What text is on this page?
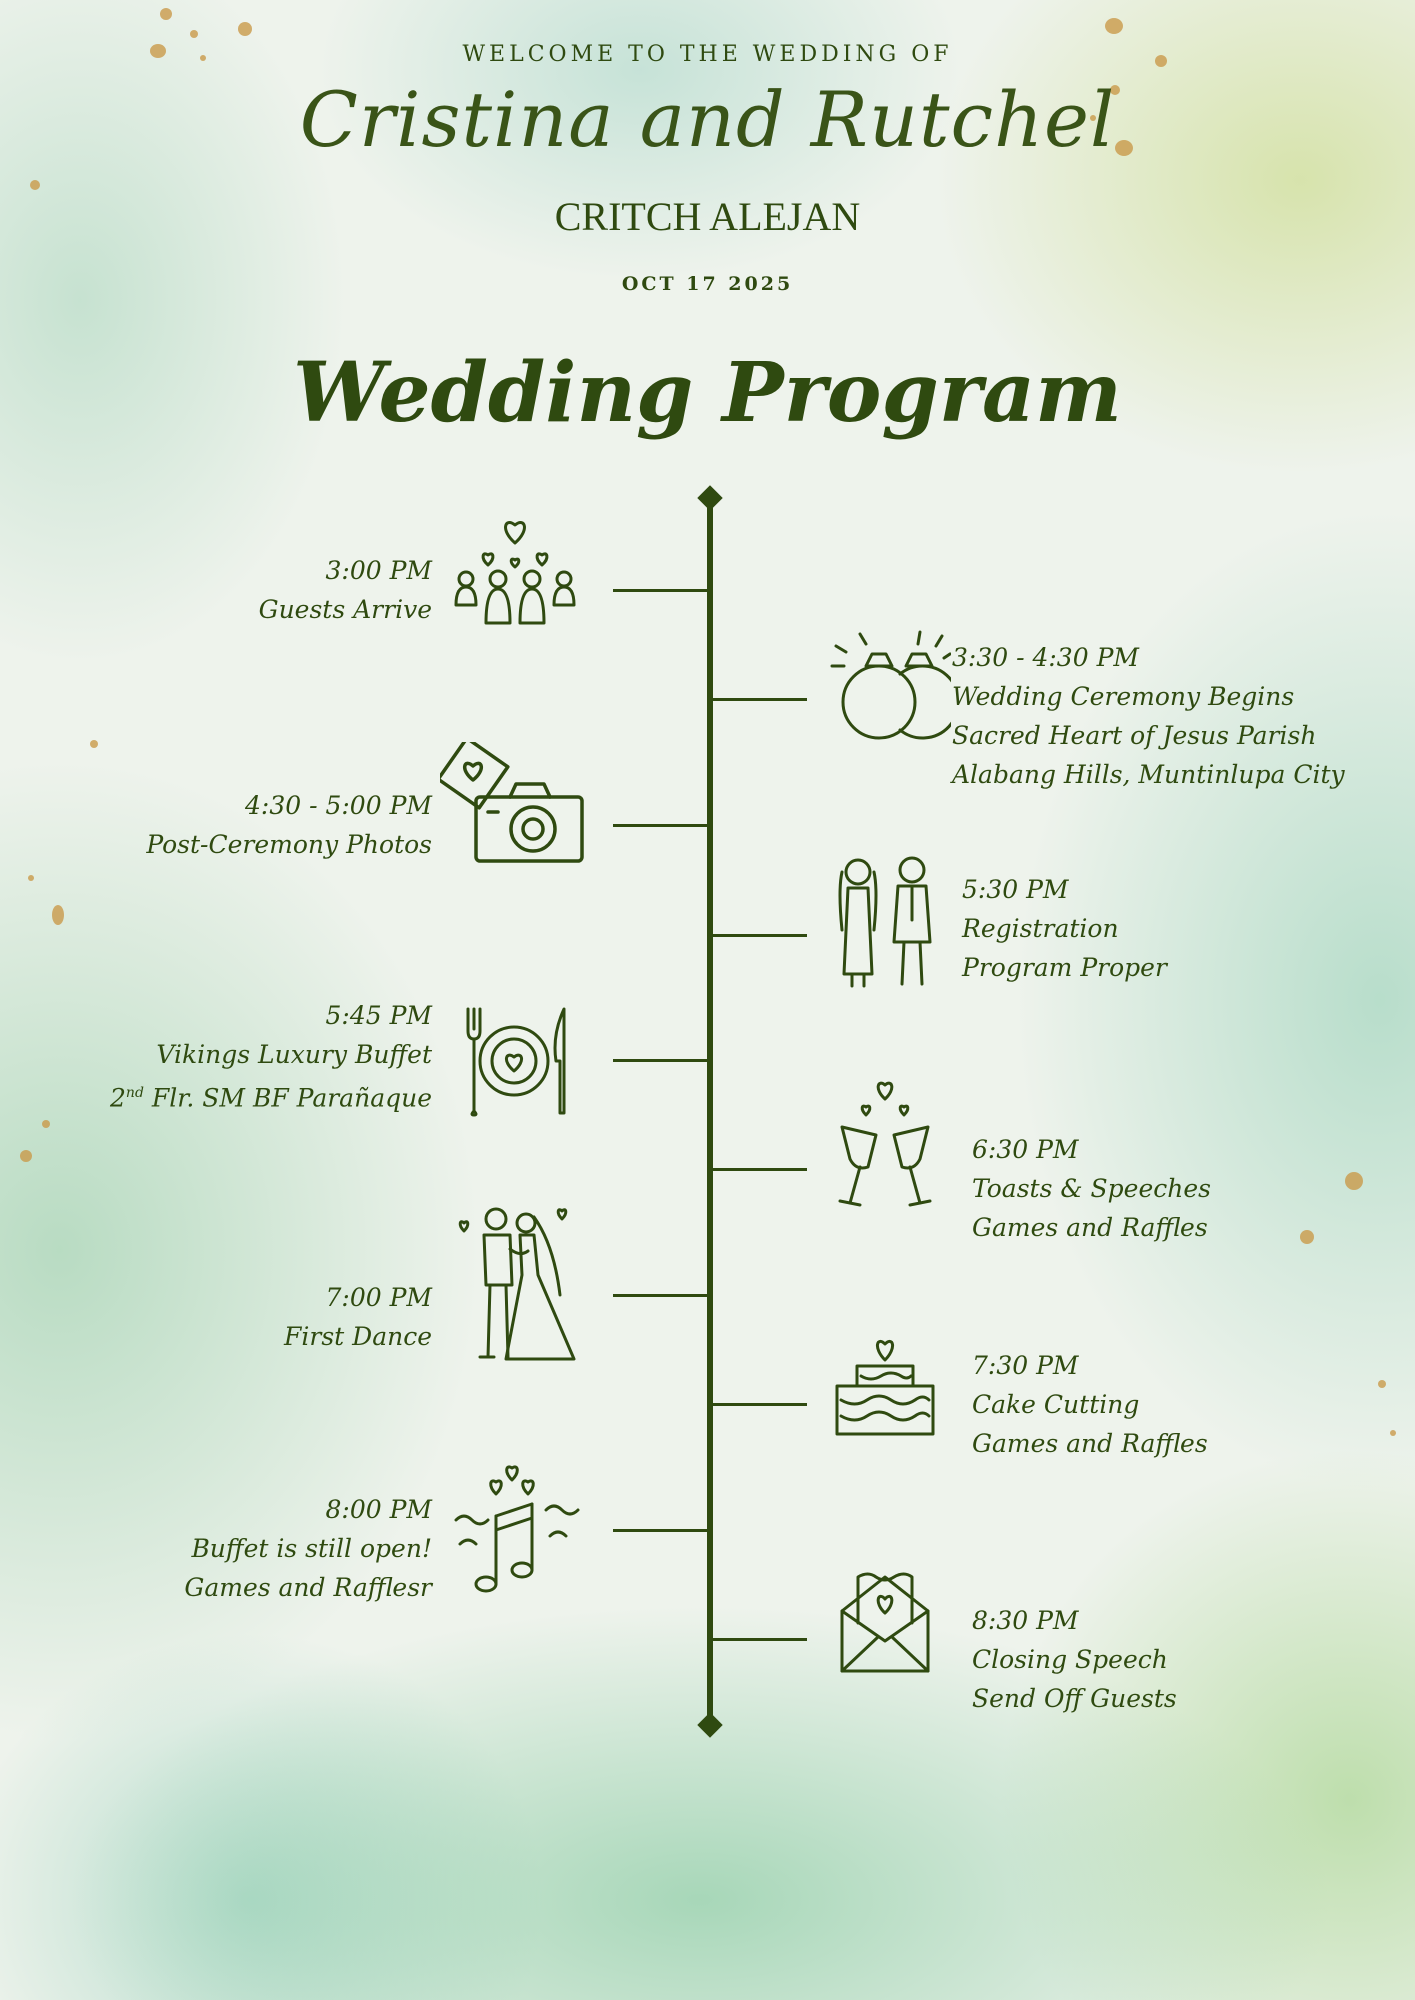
WELCOME TO THE WEDDING OF
Cristina and Rutchel
CRITCH ALEJAN
OCT 17 2025
Wedding Program
3:00 PM
Guests Arrive
3:30 - 4:30 PM
Wedding Ceremony Begins
Sacred Heart of Jesus Parish
Alabang Hills, Muntinlupa City
4:30 - 5:00 PM
Post-Ceremony Photos
5:30 PM
Registration
Program Proper
5:45 PM
Vikings Luxury Buffet
2nd Flr. SM BF Parañaque
6:30 PM
Toasts & Speeches
Games and Raffles
7:00 PM
First Dance
7:30 PM
Cake Cutting
Games and Raffles
8:00 PM
Buffet is still open!
Games and Rafflesr
8:30 PM
Closing Speech
Send Off Guests
